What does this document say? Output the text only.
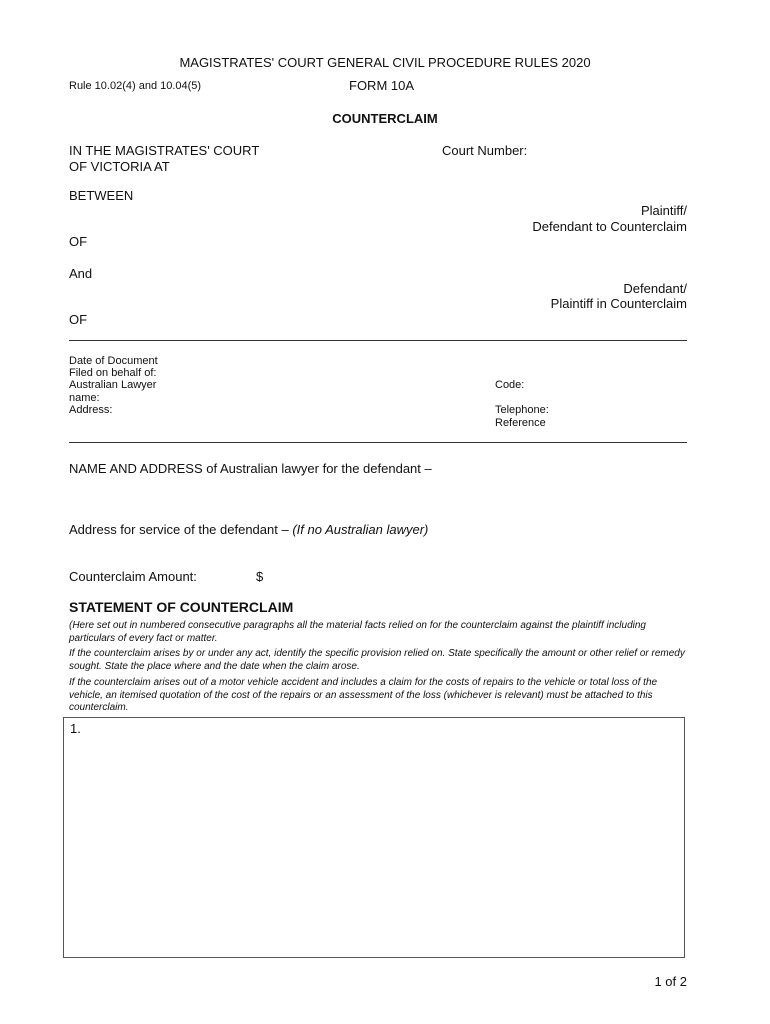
MAGISTRATES' COURT GENERAL CIVIL PROCEDURE RULES 2020
Rule 10.02(4) and 10.04(5)	FORM 10A
COUNTERCLAIM
IN THE MAGISTRATES' COURT
OF VICTORIA AT
Court Number:
BETWEEN
Plaintiff/
Defendant to Counterclaim
OF
And
Defendant/
Plaintiff in Counterclaim
OF
Date of Document
Filed on behalf of:
Australian Lawyer
name:
Address:
Code:
Telephone:
Reference
NAME AND ADDRESS of Australian lawyer for the defendant –
Address for service of the defendant – (If no Australian lawyer)
Counterclaim Amount:	$
STATEMENT OF COUNTERCLAIM
(Here set out in numbered consecutive paragraphs all the material facts relied on for the counterclaim against the plaintiff including particulars of every fact or matter.
If the counterclaim arises by or under any act, identify the specific provision relied on. State specifically the amount or other relief or remedy sought. State the place where and the date when the claim arose.
If the counterclaim arises out of a motor vehicle accident and includes a claim for the costs of repairs to the vehicle or total loss of the vehicle, an itemised quotation of the cost of the repairs or an assessment of the loss (whichever is relevant) must be attached to this counterclaim.
1.
1 of 2
